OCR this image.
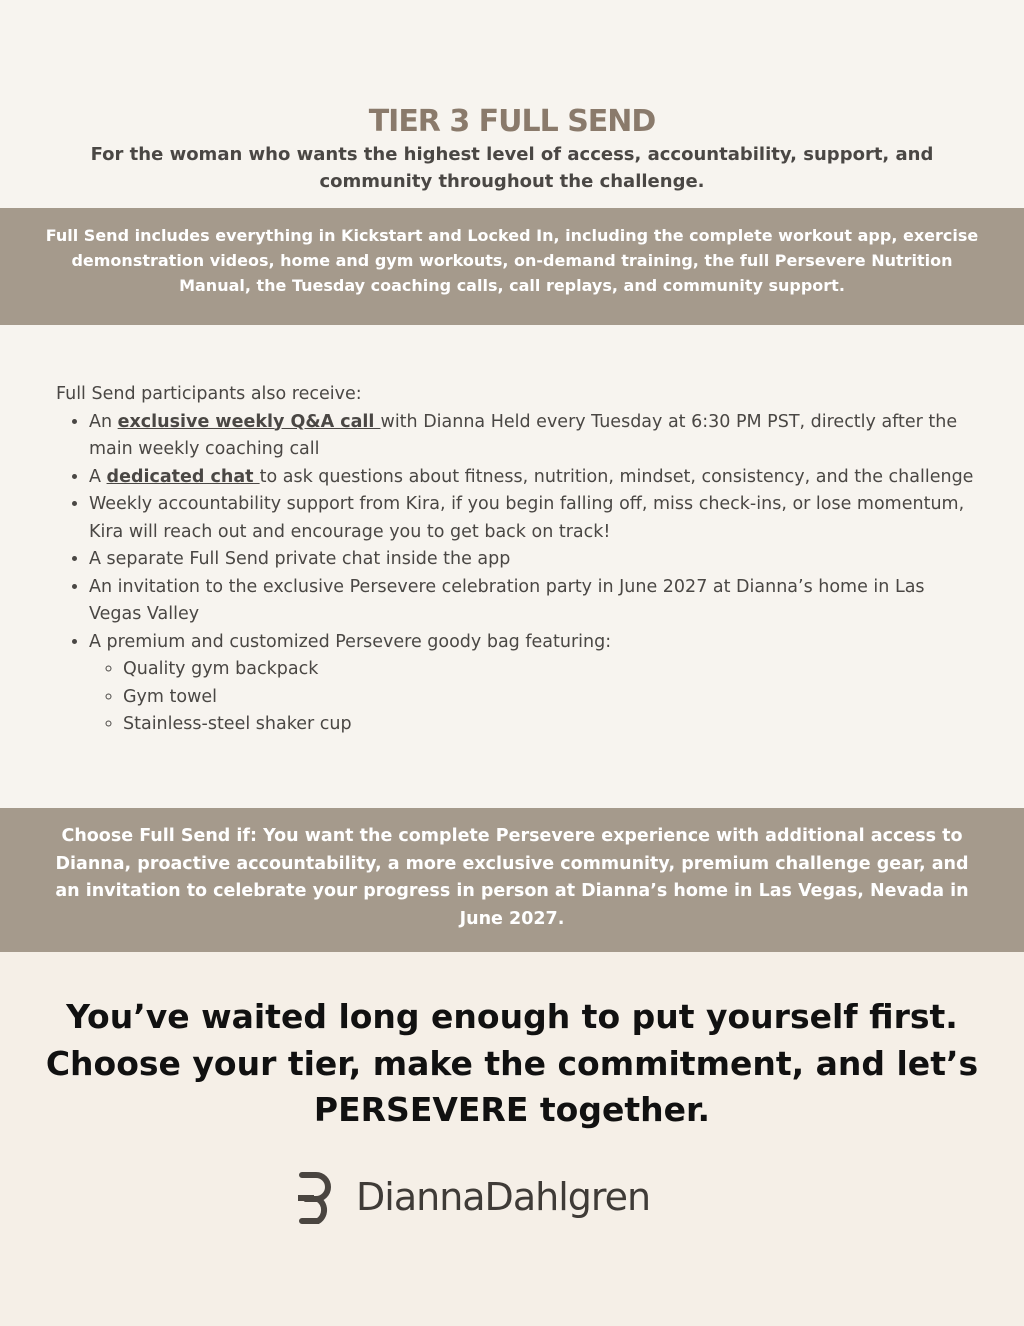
TIER 3 FULL SEND

For the woman who wants the highest level of access, accountability, support, and community throughout the challenge.

Full Send includes everything in Kickstart and Locked In, including the complete workout app, exercise demonstration videos, home and gym workouts, on-demand training, the full Persevere Nutrition Manual, the Tuesday coaching calls, call replays, and community support.

Full Send participants also receive:

• An exclusive weekly Q&A call with Dianna Held every Tuesday at 6:30 PM PST, directly after the main weekly coaching call
• A dedicated chat to ask questions about fitness, nutrition, mindset, consistency, and the challenge
• Weekly accountability support from Kira, if you begin falling off, miss check-ins, or lose momentum, Kira will reach out and encourage you to get back on track!
• A separate Full Send private chat inside the app
• An invitation to the exclusive Persevere celebration party in June 2027 at Dianna’s home in Las Vegas Valley
• A premium and customized Persevere goody bag featuring:
◦ Quality gym backpack
◦ Gym towel
◦ Stainless-steel shaker cup
Choose Full Send if: You want the complete Persevere experience with additional access to Dianna, proactive accountability, a more exclusive community, premium challenge gear, and an invitation to celebrate your progress in person at Dianna’s home in Las Vegas, Nevada in June 2027.

You’ve waited long enough to put yourself first. Choose your tier, make the commitment, and let’s PERSEVERE together.

DiannaDahlgren
